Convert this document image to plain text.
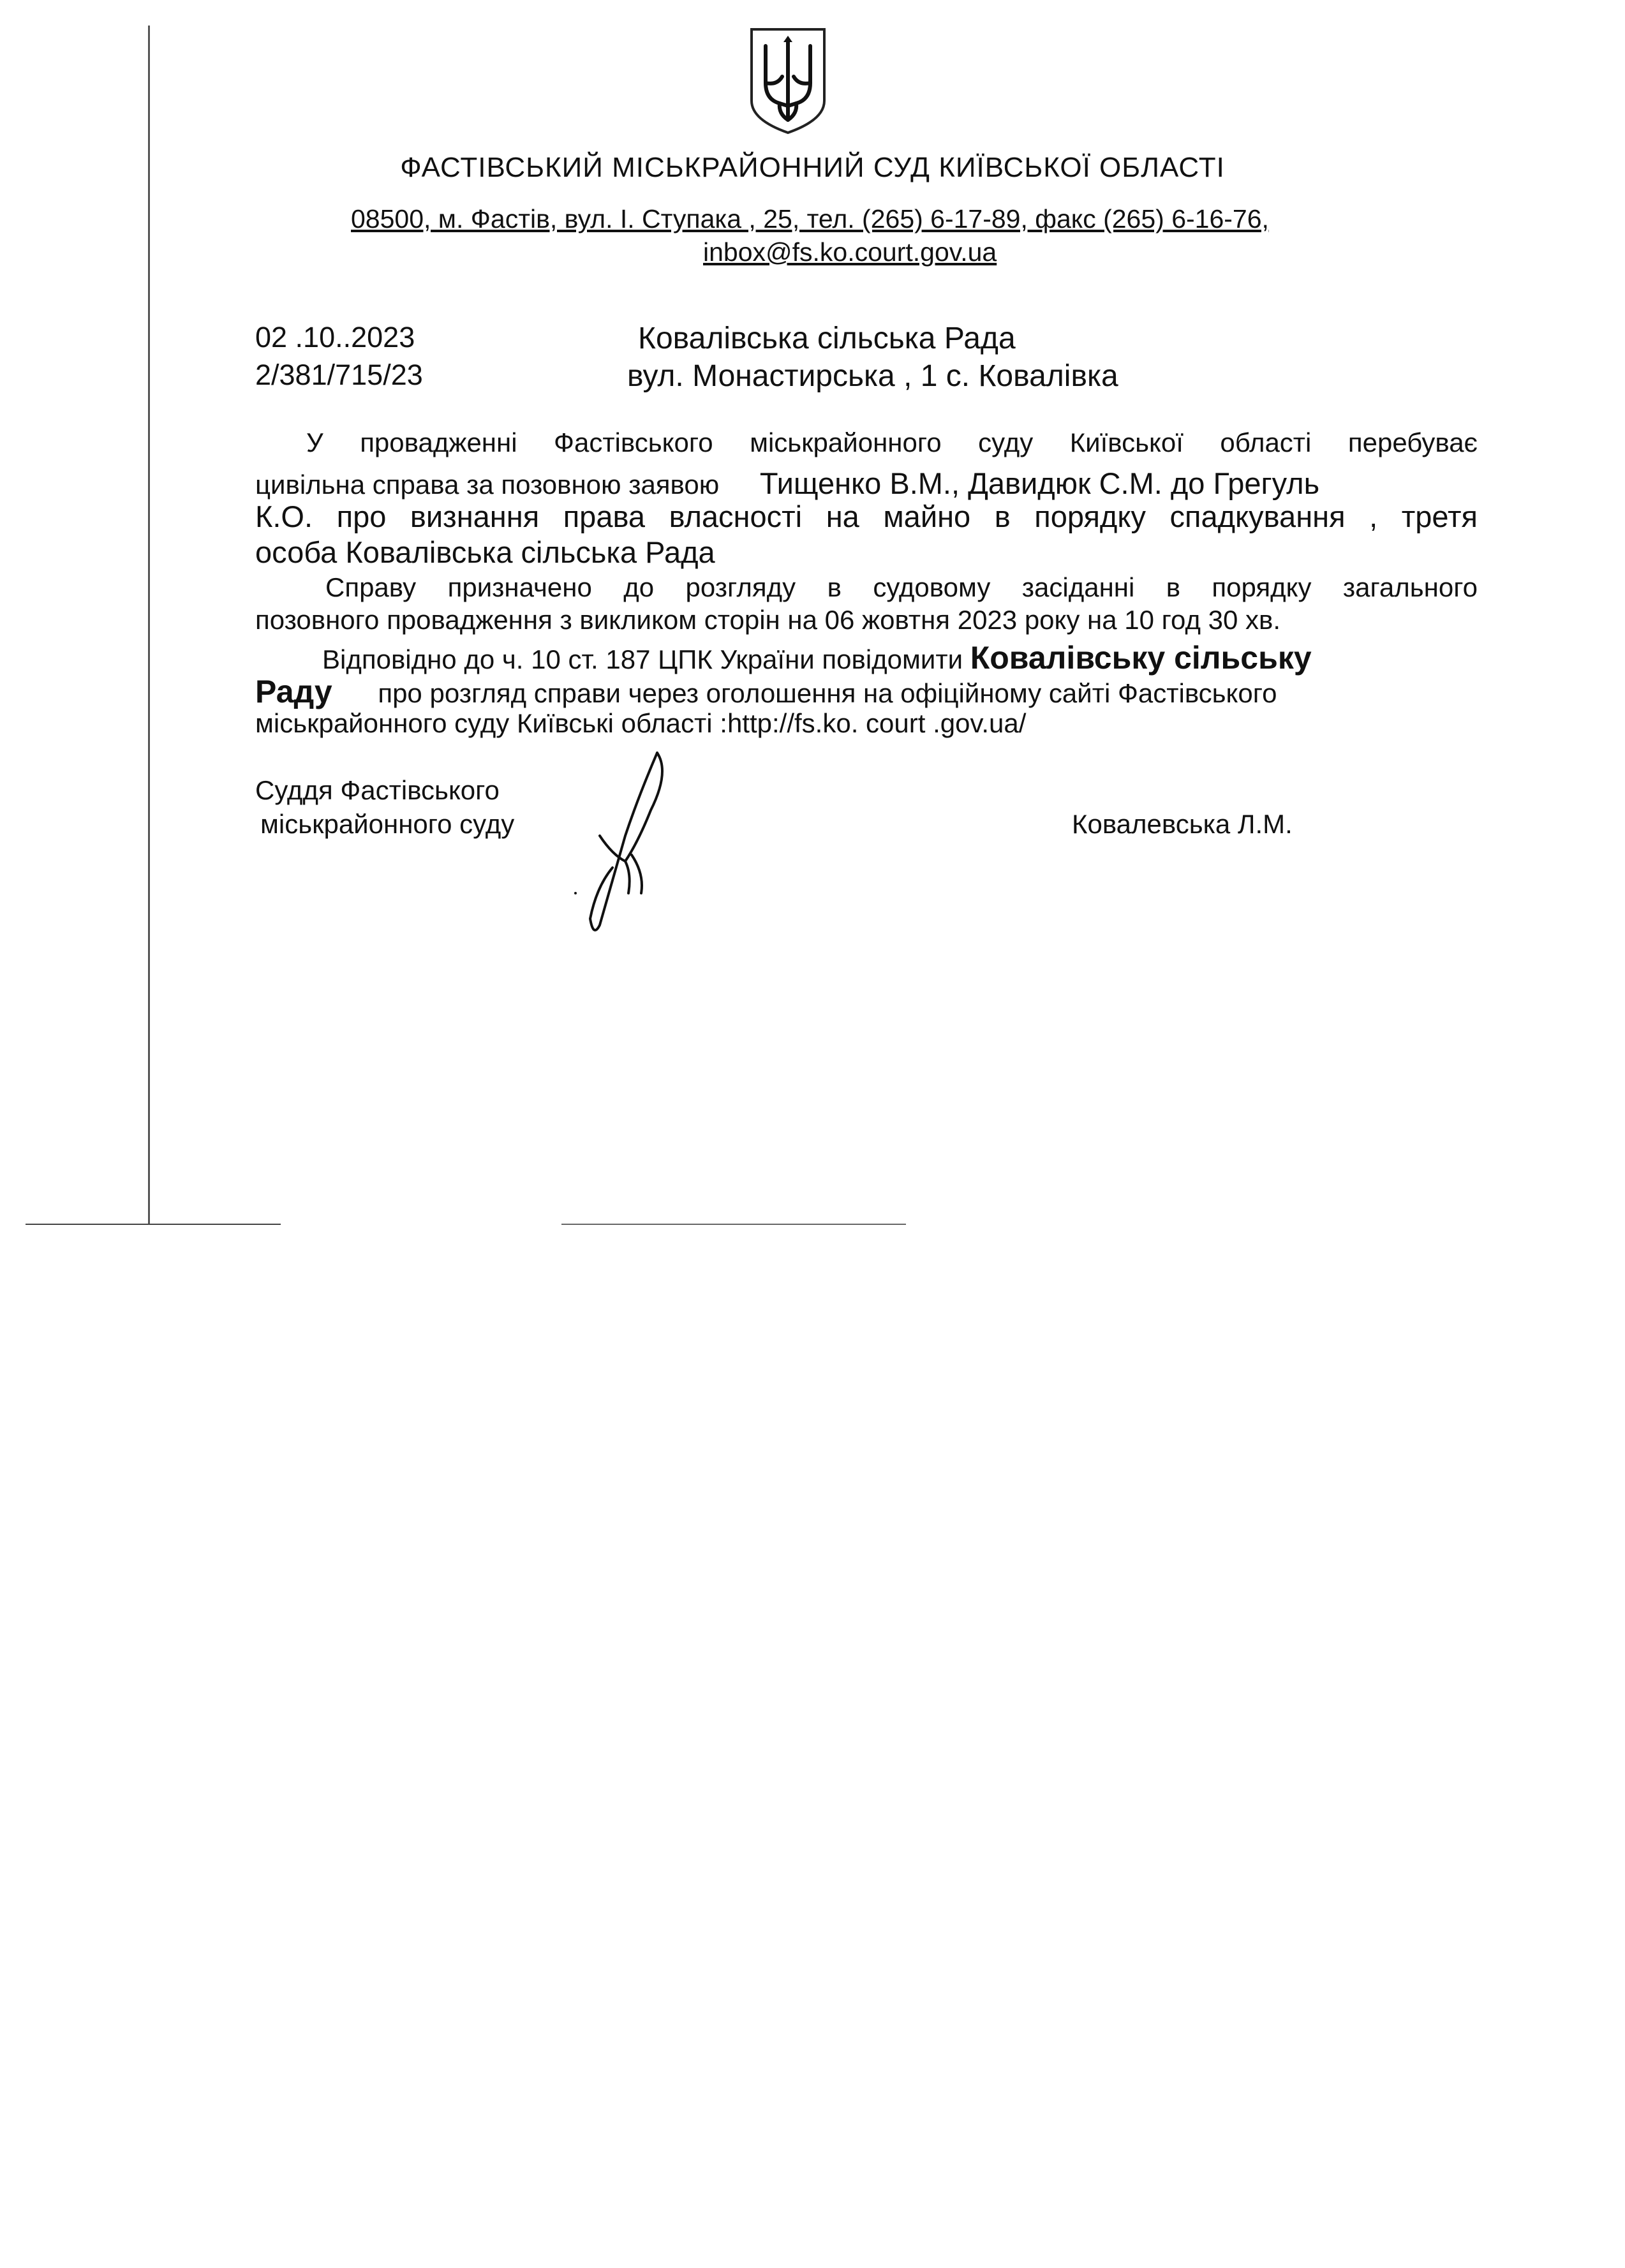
ФАСТІВСЬКИЙ МІСЬКРАЙОННИЙ СУД КИЇВСЬКОЇ ОБЛАСТІ
08500, м. Фастів, вул. І. Ступака , 25, тел. (265) 6-17-89, факс (265) 6-16-76,
inbox@fs.ko.court.gov.ua
02 .10..2023
2/381/715/23
Ковалівська сільська Рада
вул. Монастирська , 1 с. Ковалівка
У провадженні Фастівського міськрайонного суду Київської області перебуває
цивільна справа за позовною заявою Тищенко В.М., Давидюк С.М. до Грегуль
К.О. про визнання права власності на майно в порядку спадкування , третя
особа Ковалівська сільська Рада
Справу призначено до розгляду в судовому засіданні в порядку загального
позовного провадження з викликом сторін на 06 жовтня 2023 року на 10 год 30 хв.
Відповідно до ч. 10 ст. 187 ЦПК України повідомити Ковалівську сільську
Раду про розгляд справи через оголошення на офіційному сайті Фастівського
міськрайонного суду Київські області :http://fs.ko. court .gov.ua/
Суддя Фастівського
міськрайонного суду	Ковалевська Л.М.
